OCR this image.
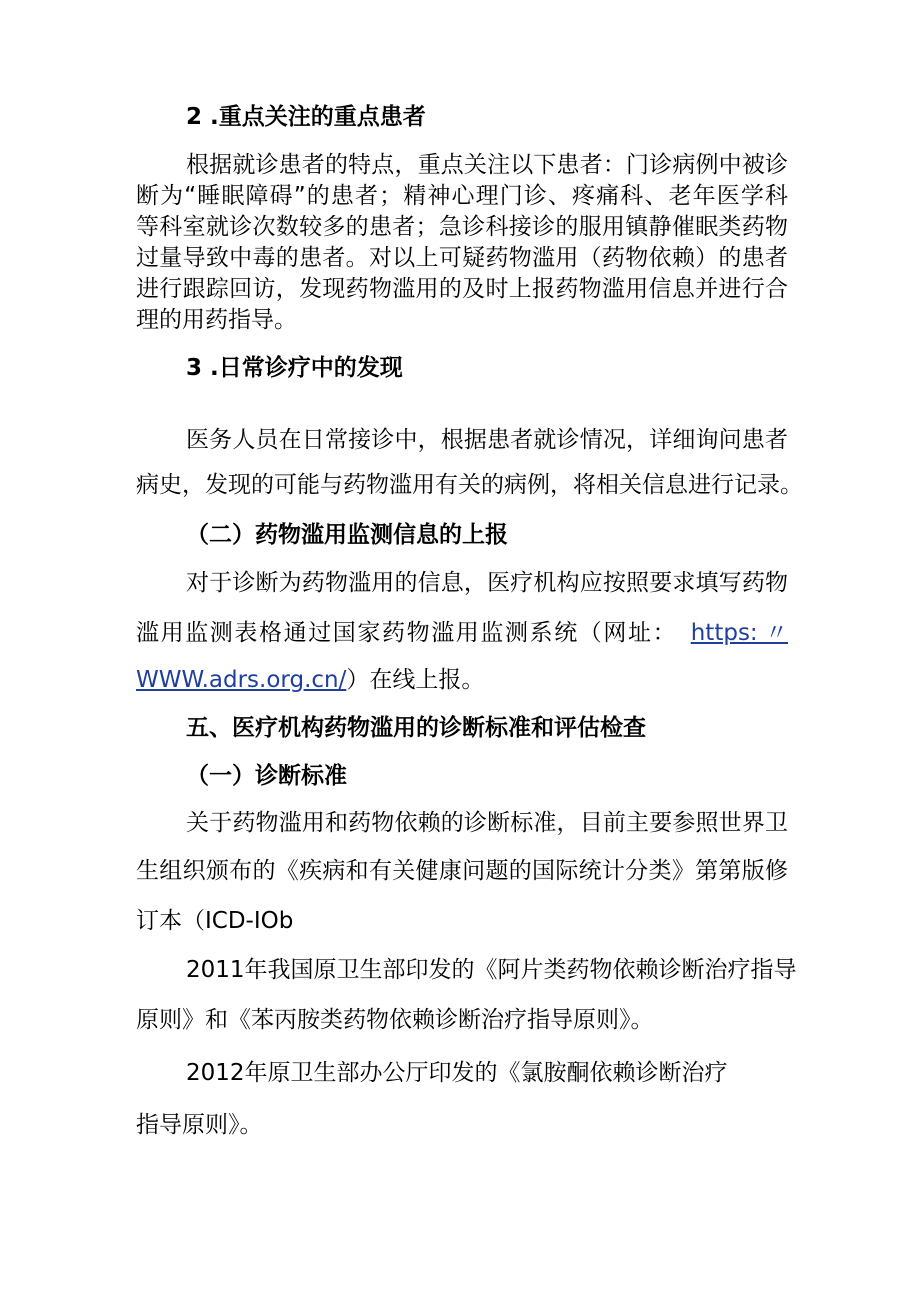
2 .重点关注的重点患者
根据就诊患者的特点，重点关注以下患者：门诊病例中被诊
断为“睡眠障碍”的患者；精神心理门诊、疼痛科、老年医学科
等科室就诊次数较多的患者；急诊科接诊的服用镇静催眠类药物
过量导致中毒的患者。对以上可疑药物滥用（药物依赖）的患者
进行跟踪回访，发现药物滥用的及时上报药物滥用信息并进行合
理的用药指导。
3 .日常诊疗中的发现
医务人员在日常接诊中，根据患者就诊情况，详细询问患者
病史，发现的可能与药物滥用有关的病例，将相关信息进行记录。
（二）药物滥用监测信息的上报
对于诊断为药物滥用的信息，医疗机构应按照要求填写药物
滥用监测表格通过国家药物滥用监测系统（网址： https: 〃
WWW.adrs.org.cn/）在线上报。
五、医疗机构药物滥用的诊断标准和评估检查
（一）诊断标准
关于药物滥用和药物依赖的诊断标准，目前主要参照世界卫
生组织颁布的《疾病和有关健康问题的国际统计分类》第第版修
订本（ICD-IOb
2011年我国原卫生部印发的《阿片类药物依赖诊断治疗指导
原则》和《苯丙胺类药物依赖诊断治疗指导原则》。
2012年原卫生部办公厅印发的《氯胺酮依赖诊断治疗
指导原则》。
